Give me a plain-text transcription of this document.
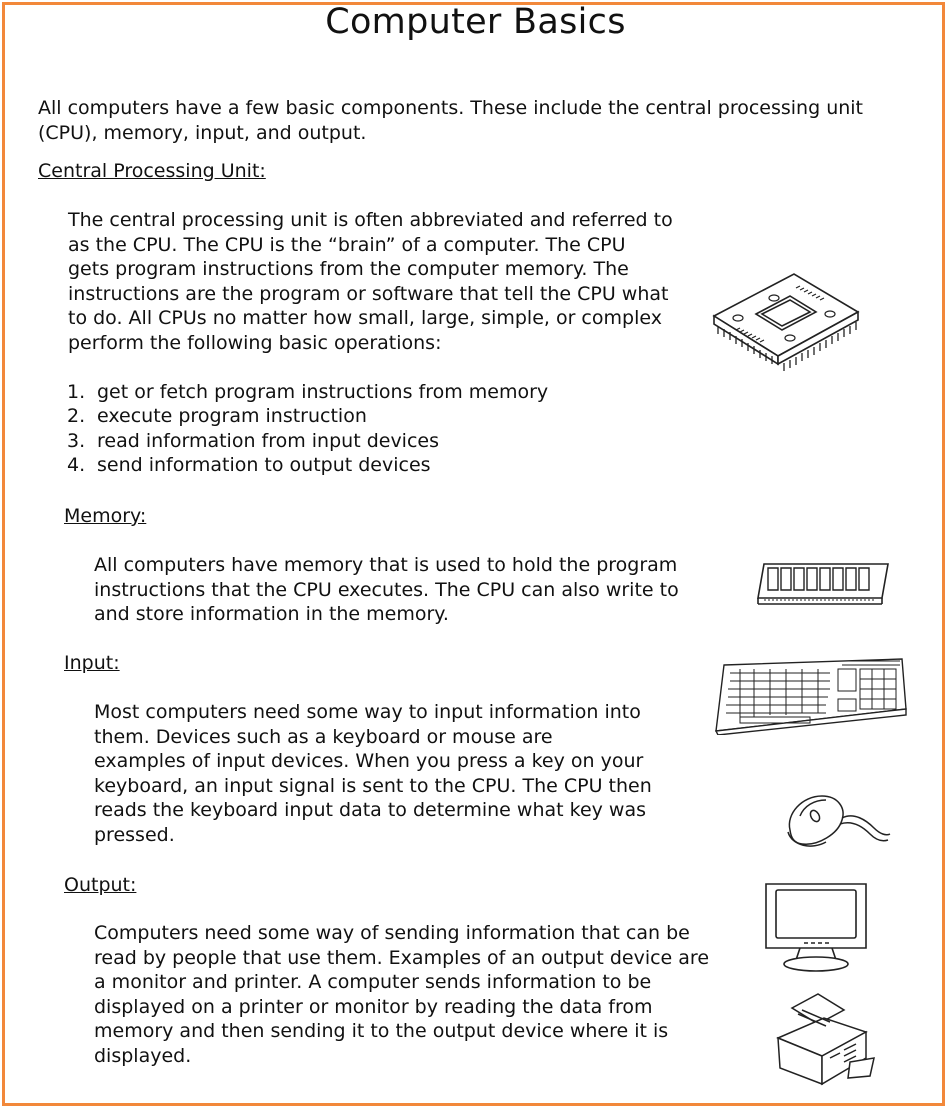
Computer Basics
All computers have a few basic components. These include the central processing unit
(CPU), memory, input, and output.
Central Processing Unit:
The central processing unit is often abbreviated and referred to
as the CPU. The CPU is the “brain” of a computer. The CPU
gets program instructions from the computer memory. The
instructions are the program or software that tell the CPU what
to do. All CPUs no matter how small, large, simple, or complex
perform the following basic operations:
1. get or fetch program instructions from memory
2. execute program instruction
3. read information from input devices
4. send information to output devices
Memory:
All computers have memory that is used to hold the program
instructions that the CPU executes. The CPU can also write to
and store information in the memory.
Input:
Most computers need some way to input information into
them. Devices such as a keyboard or mouse are
examples of input devices. When you press a key on your
keyboard, an input signal is sent to the CPU. The CPU then
reads the keyboard input data to determine what key was
pressed.
Output:
Computers need some way of sending information that can be
read by people that use them. Examples of an output device are
a monitor and printer. A computer sends information to be
displayed on a printer or monitor by reading the data from
memory and then sending it to the output device where it is
displayed.
